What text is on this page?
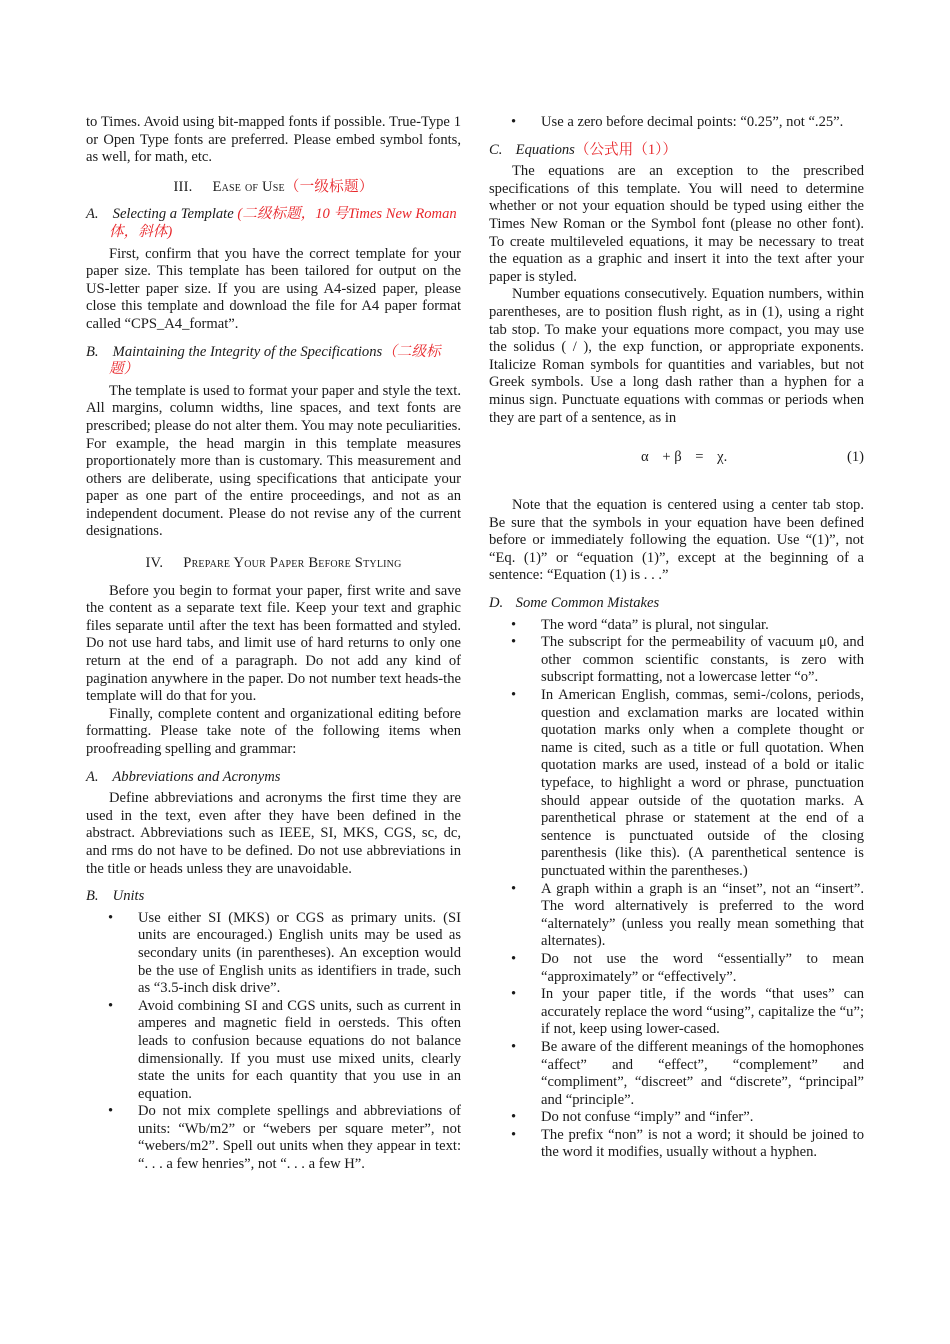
to Times. Avoid using bit-mapped fonts if possible. True-Type 1 or Open Type fonts are preferred. Please embed symbol fonts, as well, for math, etc.

III. Ease of Use（一级标题）
A. Selecting a Template (二级标题，10 号Times New Roman 体，斜体)

First, confirm that you have the correct template for your paper size. This template has been tailored for output on the US-letter paper size. If you are using A4-sized paper, please close this template and download the file for A4 paper format called “CPS_A4_format”.

B. Maintaining the Integrity of the Specifications（二级标题）

The template is used to format your paper and style the text. All margins, column widths, line spaces, and text fonts are prescribed; please do not alter them. You may note peculiarities. For example, the head margin in this template measures proportionately more than is customary. This measurement and others are deliberate, using specifications that anticipate your paper as one part of the entire proceedings, and not as an independent document. Please do not revise any of the current designations.

IV. Prepare Your Paper Before Styling

Before you begin to format your paper, first write and save the content as a separate text file. Keep your text and graphic files separate until after the text has been formatted and styled. Do not use hard tabs, and limit use of hard returns to only one return at the end of a paragraph. Do not add any kind of pagination anywhere in the paper. Do not number text heads-the template will do that for you.

Finally, complete content and organizational editing before formatting. Please take note of the following items when proofreading spelling and grammar:

A. Abbreviations and Acronyms

Define abbreviations and acronyms the first time they are used in the text, even after they have been defined in the abstract. Abbreviations such as IEEE, SI, MKS, CGS, sc, dc, and rms do not have to be defined. Do not use abbreviations in the title or heads unless they are unavoidable.

B. Units
• Use either SI (MKS) or CGS as primary units. (SI units are encouraged.) English units may be used as secondary units (in parentheses). An exception would be the use of English units as identifiers in trade, such as “3.5-inch disk drive”.
• Avoid combining SI and CGS units, such as current in amperes and magnetic field in oersteds. This often leads to confusion because equations do not balance dimensionally. If you must use mixed units, clearly state the units for each quantity that you use in an equation.
• Do not mix complete spellings and abbreviations of units: “Wb/m2” or “webers per square meter”, not “webers/m2”. Spell out units when they appear in text: “. . . a few henries”, not “. . . a few H”.
• Use a zero before decimal points: “0.25”, not “.25”.
C. Equations（公式用（1））

The equations are an exception to the prescribed specifications of this template. You will need to determine whether or not your equation should be typed using either the Times New Roman or the Symbol font (please no other font). To create multileveled equations, it may be necessary to treat the equation as a graphic and insert it into the text after your paper is styled.

Number equations consecutively. Equation numbers, within parentheses, are to position flush right, as in (1), using a right tab stop. To make your equations more compact, you may use the solidus ( / ), the exp function, or appropriate exponents. Italicize Roman symbols for quantities and variables, but not Greek symbols. Use a long dash rather than a hyphen for a minus sign. Punctuate equations with commas or periods when they are part of a sentence, as in

α + β = χ.	(1)

Note that the equation is centered using a center tab stop. Be sure that the symbols in your equation have been defined before or immediately following the equation. Use “(1)”, not “Eq. (1)” or “equation (1)”, except at the beginning of a sentence: “Equation (1) is . . .”

D. Some Common Mistakes
• The word “data” is plural, not singular.
• The subscript for the permeability of vacuum μ0, and other common scientific constants, is zero with subscript formatting, not a lowercase letter “o”.
• In American English, commas, semi-/colons, periods, question and exclamation marks are located within quotation marks only when a complete thought or name is cited, such as a title or full quotation. When quotation marks are used, instead of a bold or italic typeface, to highlight a word or phrase, punctuation should appear outside of the quotation marks. A parenthetical phrase or statement at the end of a sentence is punctuated outside of the closing parenthesis (like this). (A parenthetical sentence is punctuated within the parentheses.)
• A graph within a graph is an “inset”, not an “insert”. The word alternatively is preferred to the word “alternately” (unless you really mean something that alternates).
• Do not use the word “essentially” to mean “approximately” or “effectively”.
• In your paper title, if the words “that uses” can accurately replace the word “using”, capitalize the “u”; if not, keep using lower-cased.
• Be aware of the different meanings of the homophones “affect” and “effect”, “complement” and “compliment”, “discreet” and “discrete”, “principal” and “principle”.
• Do not confuse “imply” and “infer”.
• The prefix “non” is not a word; it should be joined to the word it modifies, usually without a hyphen.
